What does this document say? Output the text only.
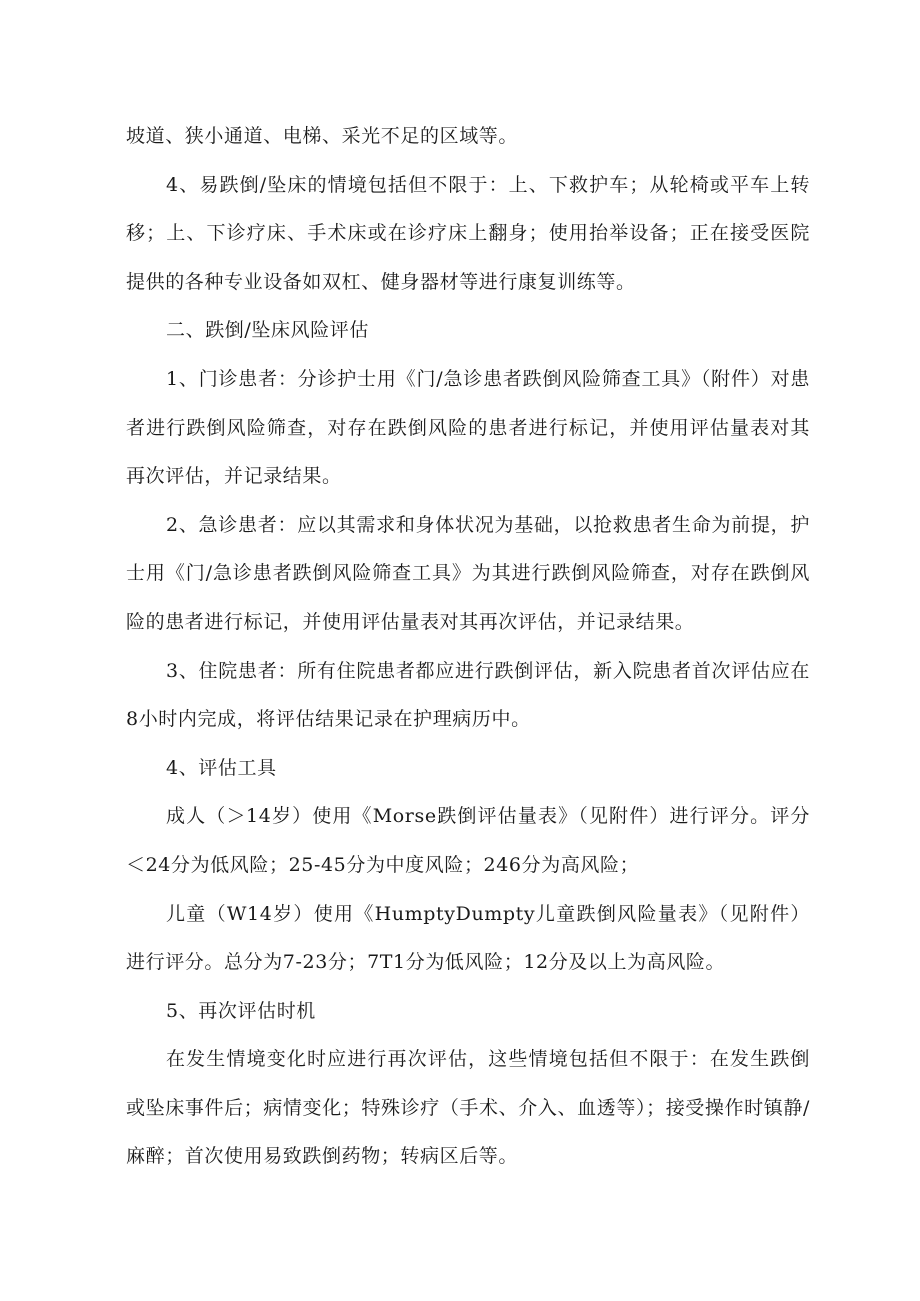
坡道、狭小通道、电梯、采光不足的区域等。

4、易跌倒/坠床的情境包括但不限于：上、下救护车；从轮椅或平车上转移；上、下诊疗床、手术床或在诊疗床上翻身；使用抬举设备；正在接受医院提供的各种专业设备如双杠、健身器材等进行康复训练等。

二、跌倒/坠床风险评估

1、门诊患者：分诊护士用《门/急诊患者跌倒风险筛查工具》（附件）对患者进行跌倒风险筛查，对存在跌倒风险的患者进行标记，并使用评估量表对其再次评估，并记录结果。

2、急诊患者：应以其需求和身体状况为基础，以抢救患者生命为前提，护士用《门/急诊患者跌倒风险筛查工具》为其进行跌倒风险筛查，对存在跌倒风险的患者进行标记，并使用评估量表对其再次评估，并记录结果。

3、住院患者：所有住院患者都应进行跌倒评估，新入院患者首次评估应在8小时内完成，将评估结果记录在护理病历中。

4、评估工具

成人（＞14岁）使用《Morse跌倒评估量表》（见附件）进行评分。评分＜24分为低风险；25-45分为中度风险；246分为高风险；

儿童（W14岁）使用《HumptyDumpty儿童跌倒风险量表》（见附件）进行评分。总分为7-23分；7T1分为低风险；12分及以上为高风险。

5、再次评估时机

在发生情境变化时应进行再次评估，这些情境包括但不限于：在发生跌倒或坠床事件后；病情变化；特殊诊疗（手术、介入、血透等）；接受操作时镇静/麻醉；首次使用易致跌倒药物；转病区后等。
